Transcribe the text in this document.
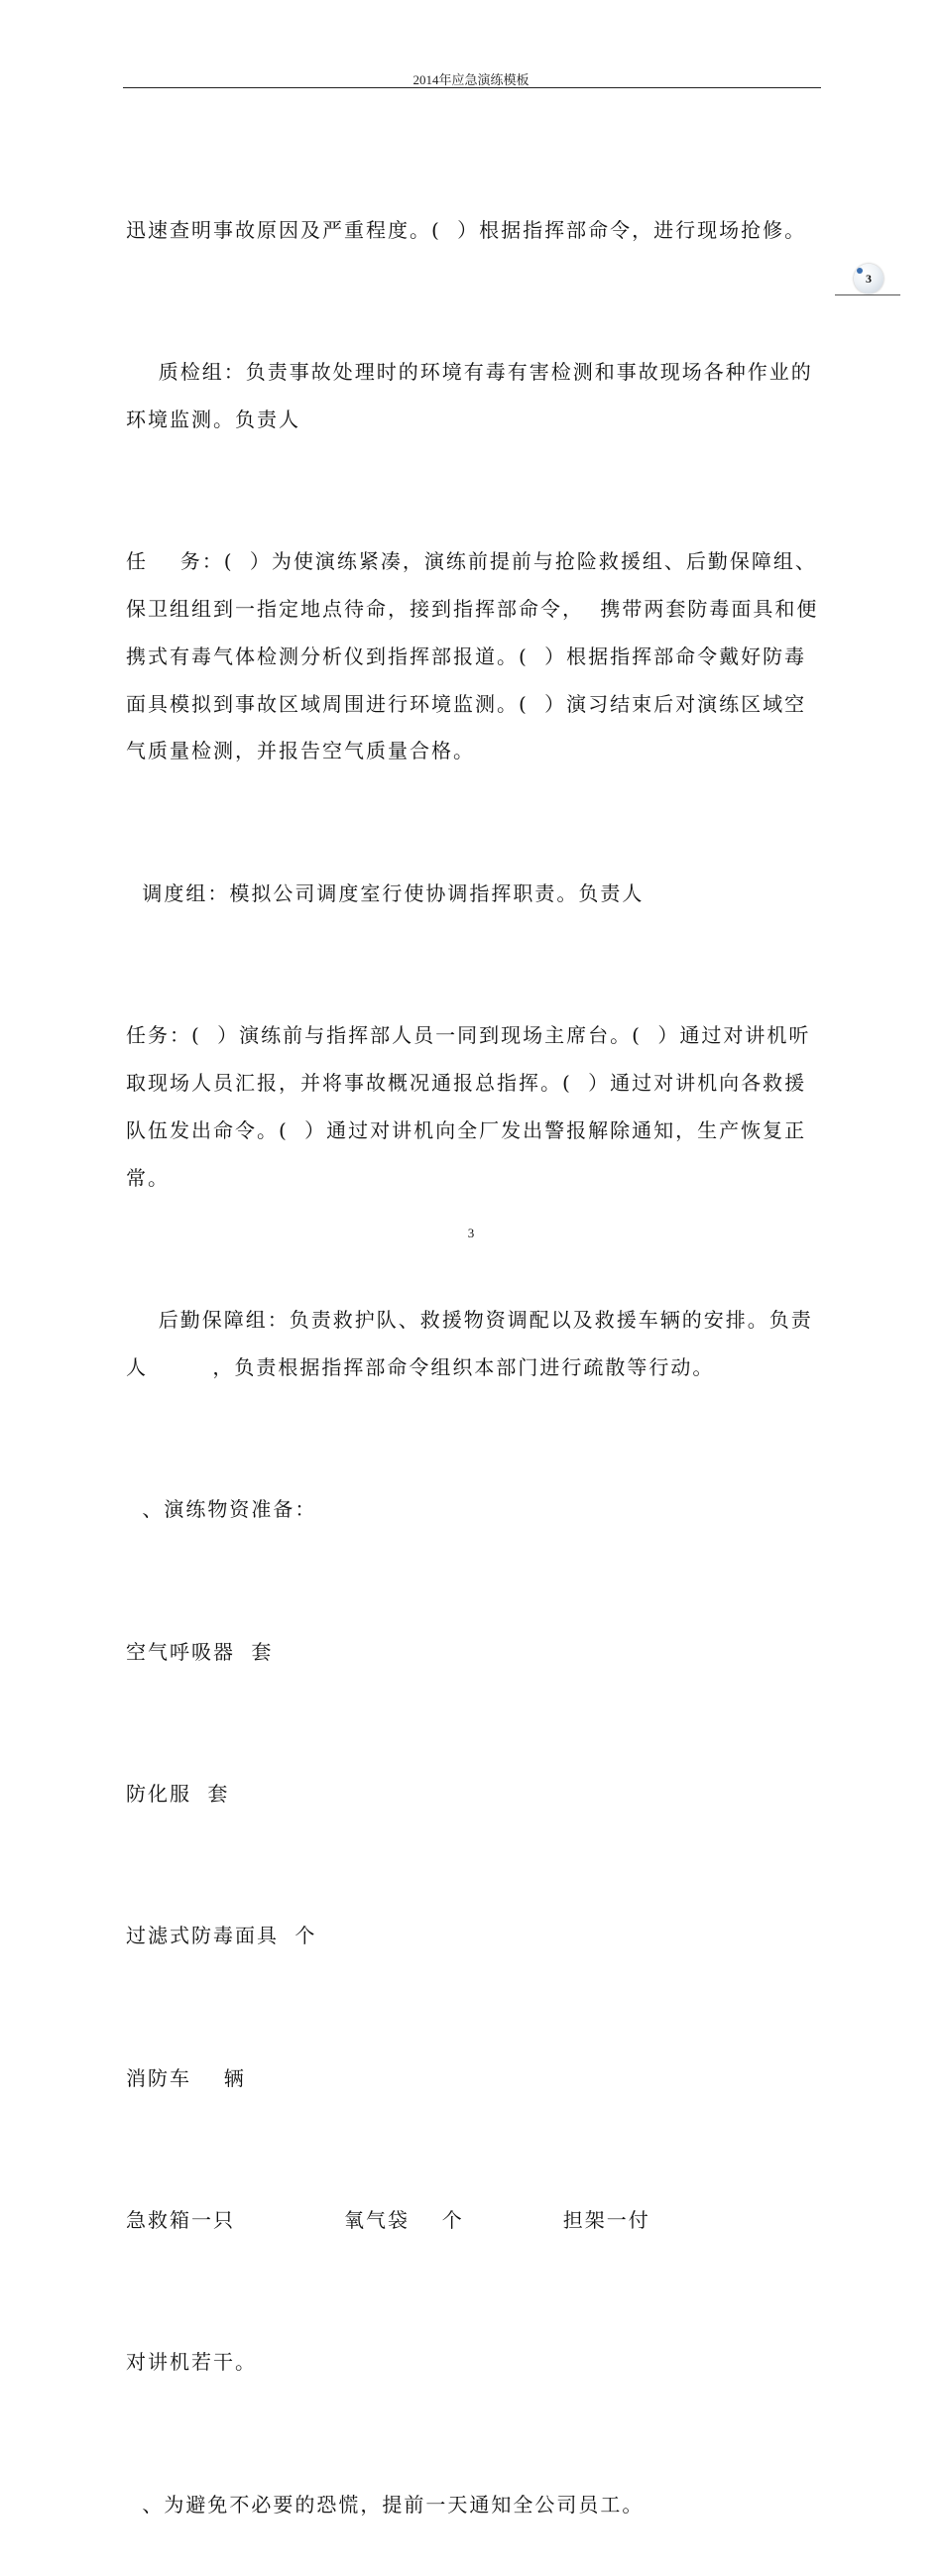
2014年应急演练模板
3

迅速查明事故原因及严重程度。( ）根据指挥部命令，进行现场抢修。

质检组：负责事故处理时的环境有毒有害检测和事故现场各种作业的环境监测。负责人

任  务：( ）为使演练紧凑，演练前提前与抢险救援组、后勤保障组、保卫组组到一指定地点待命，接到指挥部命令， 携带两套防毒面具和便携式有毒气体检测分析仪到指挥部报道。( ）根据指挥部命令戴好防毒面具模拟到事故区域周围进行环境监测。( ）演习结束后对演练区域空气质量检测，并报告空气质量合格。

调度组：模拟公司调度室行使协调指挥职责。负责人

任务：( ）演练前与指挥部人员一同到现场主席台。( ）通过对讲机听取现场人员汇报，并将事故概况通报总指挥。( ）通过对讲机向各救援队伍发出命令。( ）通过对讲机向全厂发出警报解除通知，生产恢复正常。

后勤保障组：负责救护队、救援物资调配以及救援车辆的安排。负责人    ，负责根据指挥部命令组织本部门进行疏散等行动。

、演练物资准备：

空气呼吸器 套

防化服 套

过滤式防毒面具 个

消防车  辆

急救箱一只	氧气袋  个	担架一付

对讲机若干。

、为避免不必要的恐慌，提前一天通知全公司员工。

3
